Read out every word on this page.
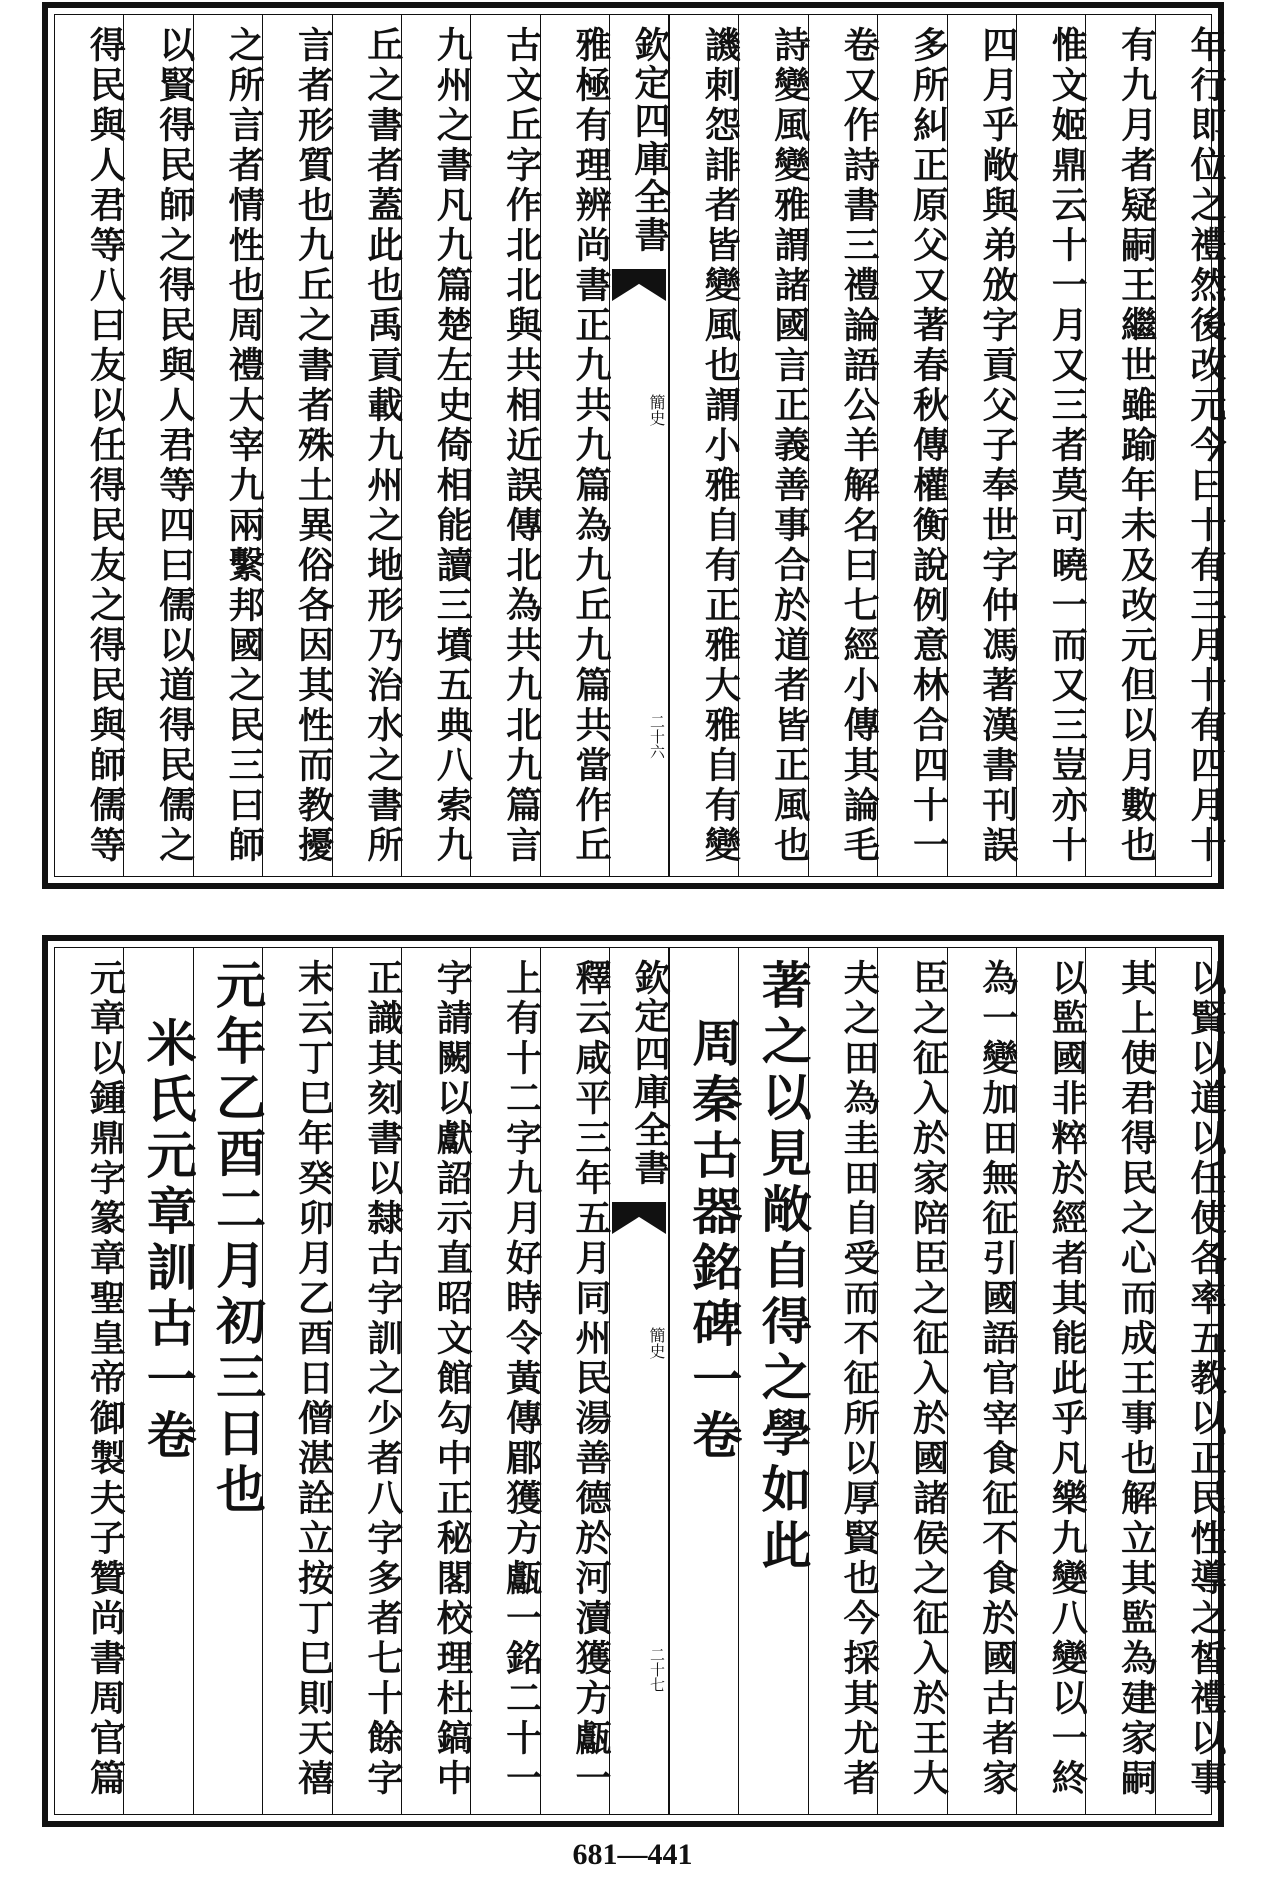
欽定四庫全書
簡史
二十六	年行即位之禮然後改元今曰十有三月十有四月十
有九月者疑嗣王繼世雖踰年未及改元但以月數也
惟文姬鼎云十一月又三者莫可曉一而又三豈亦十
四月乎敞與弟攽字貢父子奉世字仲馮著漢書刊誤
多所糾正原父又著春秋傳權衡說例意林合四十一
卷又作詩書三禮論語公羊解名曰七經小傳其論毛
詩變風變雅謂諸國言正義善事合於道者皆正風也
譏刺怨誹者皆變風也謂小雅自有正雅大雅自有變
雅極有理辨尚書正九共九篇為九丘九篇共當作丘
古文丘字作北北與共相近誤傳北為共九北九篇言
九州之書凡九篇楚左史倚相能讀三墳五典八索九
丘之書者蓋此也禹貢載九州之地形乃治水之書所
言者形質也九丘之書者殊土異俗各因其性而教擾
之所言者情性也周禮大宰九兩繫邦國之民三曰師
以賢得民師之得民與人君等四曰儒以道得民儒之
得民與人君等八曰友以任得民友之得民與師儒等
欽定四庫全書
簡史
二十七	以賢以道以任使各率五教以正民性導之皙禮以事
其上使君得民之心而成王事也解立其監為建家嗣
以監國非粹於經者其能此乎凡樂九變八變以一終
為一變加田無征引國語官宰食征不食於國古者家
臣之征入於家陪臣之征入於國諸侯之征入於王大
夫之田為圭田自受而不征所以厚賢也今採其尤者
著之以見敞自得之學如此
周秦古器銘碑一卷
釋云咸平三年五月同州民湯善德於河瀆獲方甗一
上有十二字九月好時令黃傳郿獲方甗一銘二十一
字請闕以獻詔示直昭文館勾中正秘閣校理杜鎬中
正識其刻書以隸古字訓之少者八字多者七十餘字
末云丁巳年癸卯月乙酉日僧湛詮立按丁巳則天禧
元年乙酉二月初三日也
米氏元章訓古一卷
元章以鍾鼎字篆章聖皇帝御製夫子贊尚書周官篇
681—441
